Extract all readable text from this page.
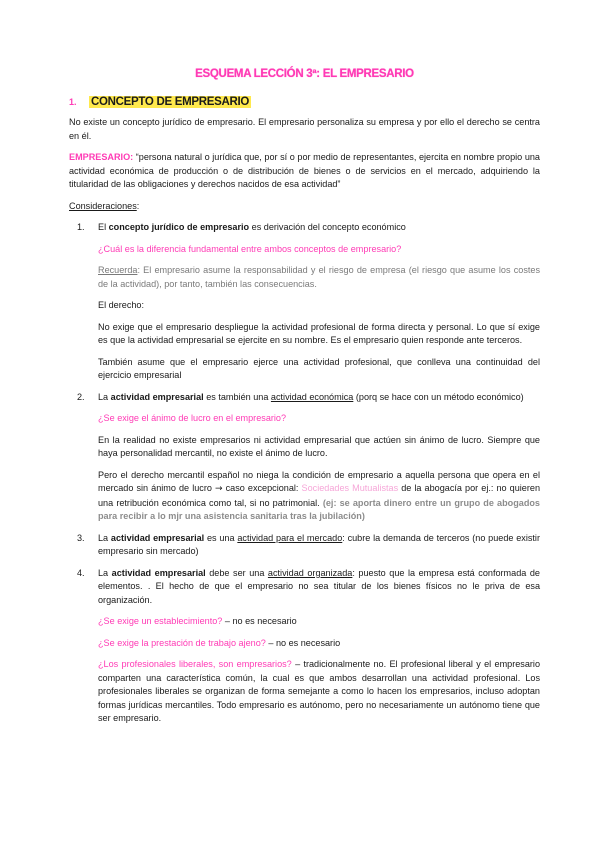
ESQUEMA LECCIÓN 3ª: EL EMPRESARIO
1.	CONCEPTO DE EMPRESARIO

No existe un concepto jurídico de empresario. El empresario personaliza su empresa y por ello el derecho se centra en él.

EMPRESARIO: “persona natural o jurídica que, por sí o por medio de representantes, ejercita en nombre propio una actividad económica de producción o de distribución de bienes o de servicios en el mercado, adquiriendo la titularidad de las obligaciones y derechos nacidos de esa actividad”

Consideraciones:

1.	El concepto jurídico de empresario es derivación del concepto económico

¿Cuál es la diferencia fundamental entre ambos conceptos de empresario?

Recuerda: El empresario asume la responsabilidad y el riesgo de empresa (el riesgo que asume los costes de la actividad), por tanto, también las consecuencias.

El derecho:

No exige que el empresario despliegue la actividad profesional de forma directa y personal. Lo que sí exige es que la actividad empresarial se ejercite en su nombre. Es el empresario quien responde ante terceros.

También asume que el empresario ejerce una actividad profesional, que conlleva una continuidad del ejercicio empresarial

2.	La actividad empresarial es también una actividad económica (porq se hace con un método económico)

¿Se exige el ánimo de lucro en el empresario?

En la realidad no existe empresarios ni actividad empresarial que actúen sin ánimo de lucro. Siempre que haya personalidad mercantil, no existe el ánimo de lucro.

Pero el derecho mercantil español no niega la condición de empresario a aquella persona que opera en el mercado sin ánimo de lucro → caso excepcional: Sociedades Mutualistas de la abogacía por ej.: no quieren una retribución económica como tal, si no patrimonial. (ej: se aporta dinero entre un grupo de abogados para recibir a lo mjr una asistencia sanitaria tras la jubilación)

3.	La actividad empresarial es una actividad para el mercado: cubre la demanda de terceros (no puede existir empresario sin mercado)

4.	La actividad empresarial debe ser una actividad organizada: puesto que la empresa está conformada de elementos. . El hecho de que el empresario no sea titular de los bienes físicos no le priva de esa organización.

¿Se exige un establecimiento? – no es necesario

¿Se exige la prestación de trabajo ajeno? – no es necesario

¿Los profesionales liberales, son empresarios? – tradicionalmente no. El profesional liberal y el empresario comparten una característica común, la cual es que ambos desarrollan una actividad profesional. Los profesionales liberales se organizan de forma semejante a como lo hacen los empresarios, incluso adoptan formas jurídicas mercantiles. Todo empresario es autónomo, pero no necesariamente un autónomo tiene que ser empresario.
